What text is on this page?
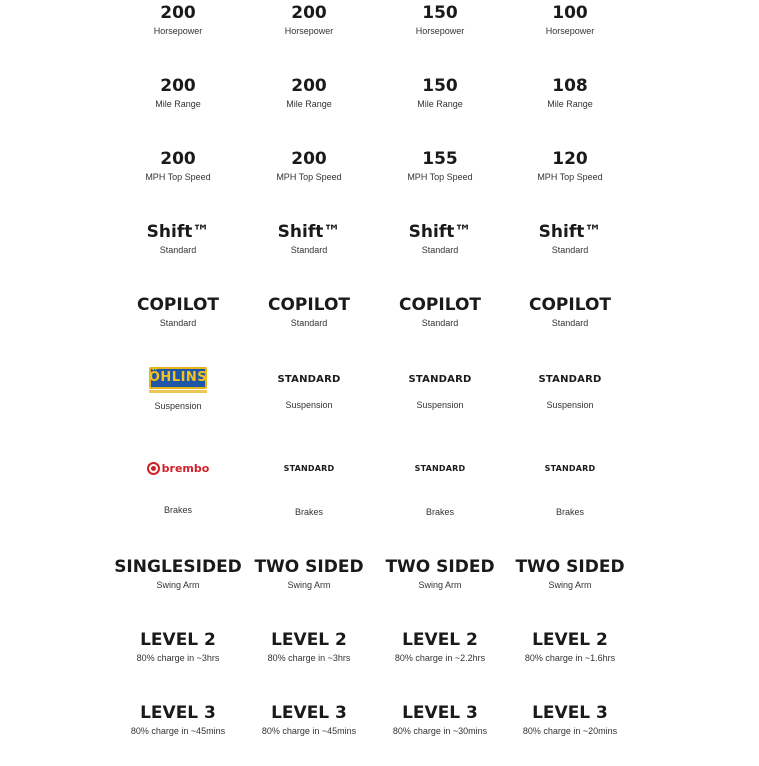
200
Horsepower
200
Mile Range
200
MPH Top Speed
Shift™
Standard
COPILOT
Standard
ÖHLINS
Suspension
brembo
Brakes
SINGLESIDED
Swing Arm
LEVEL 2
80% charge in ~3hrs
LEVEL 3
80% charge in ~45mins
200
Horsepower
200
Mile Range
200
MPH Top Speed
Shift™
Standard
COPILOT
Standard
STANDARD
Suspension
STANDARD
Brakes
TWO SIDED
Swing Arm
LEVEL 2
80% charge in ~3hrs
LEVEL 3
80% charge in ~45mins
150
Horsepower
150
Mile Range
155
MPH Top Speed
Shift™
Standard
COPILOT
Standard
STANDARD
Suspension
STANDARD
Brakes
TWO SIDED
Swing Arm
LEVEL 2
80% charge in ~2.2hrs
LEVEL 3
80% charge in ~30mins
100
Horsepower
108
Mile Range
120
MPH Top Speed
Shift™
Standard
COPILOT
Standard
STANDARD
Suspension
STANDARD
Brakes
TWO SIDED
Swing Arm
LEVEL 2
80% charge in ~1.6hrs
LEVEL 3
80% charge in ~20mins
